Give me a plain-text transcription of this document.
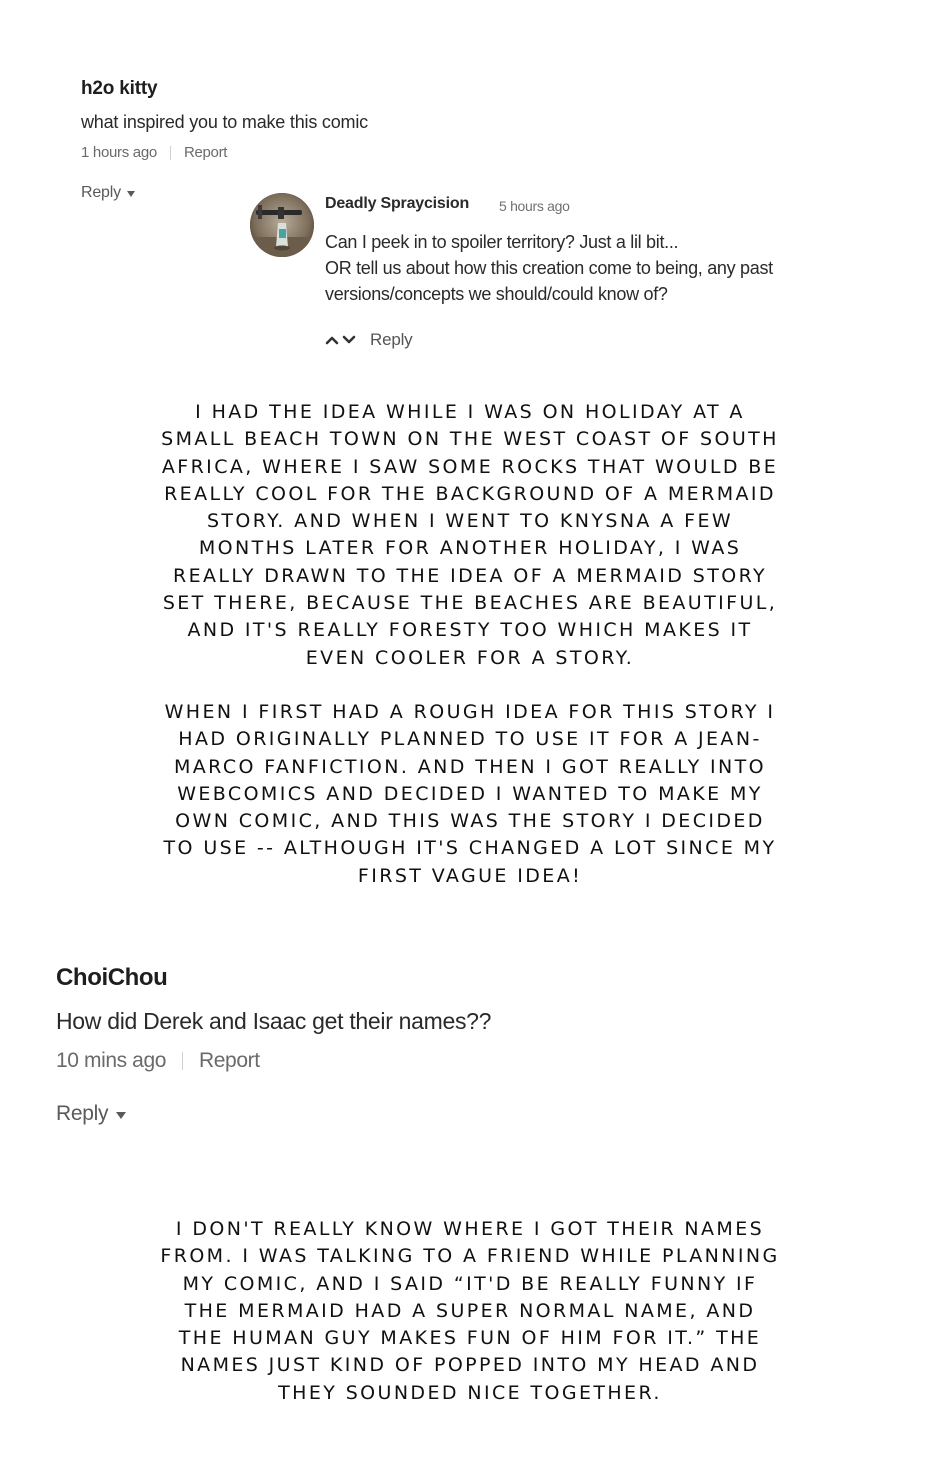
h2o kitty
what inspired you to make this comic
1 hours ago Report
Reply
Deadly Spraycision 5 hours ago
Can I peek in to spoiler territory? Just a lil bit...
OR tell us about how this creation come to being, any past
versions/concepts we should/could know of?
Reply
I HAD THE IDEA WHILE I WAS ON HOLIDAY AT A
SMALL BEACH TOWN ON THE WEST COAST OF SOUTH
AFRICA, WHERE I SAW SOME ROCKS THAT WOULD BE
REALLY COOL FOR THE BACKGROUND OF A MERMAID
STORY. AND WHEN I WENT TO KNYSNA A FEW
MONTHS LATER FOR ANOTHER HOLIDAY, I WAS
REALLY DRAWN TO THE IDEA OF A MERMAID STORY
SET THERE, BECAUSE THE BEACHES ARE BEAUTIFUL,
AND IT'S REALLY FORESTY TOO WHICH MAKES IT
EVEN COOLER FOR A STORY.
WHEN I FIRST HAD A ROUGH IDEA FOR THIS STORY I
HAD ORIGINALLY PLANNED TO USE IT FOR A JEAN-
MARCO FANFICTION. AND THEN I GOT REALLY INTO
WEBCOMICS AND DECIDED I WANTED TO MAKE MY
OWN COMIC, AND THIS WAS THE STORY I DECIDED
TO USE -- ALTHOUGH IT'S CHANGED A LOT SINCE MY
FIRST VAGUE IDEA!
ChoiChou
How did Derek and Isaac get their names??
10 mins ago Report
Reply
I DON'T REALLY KNOW WHERE I GOT THEIR NAMES
FROM. I WAS TALKING TO A FRIEND WHILE PLANNING
MY COMIC, AND I SAID “IT'D BE REALLY FUNNY IF
THE MERMAID HAD A SUPER NORMAL NAME, AND
THE HUMAN GUY MAKES FUN OF HIM FOR IT.” THE
NAMES JUST KIND OF POPPED INTO MY HEAD AND
THEY SOUNDED NICE TOGETHER.
